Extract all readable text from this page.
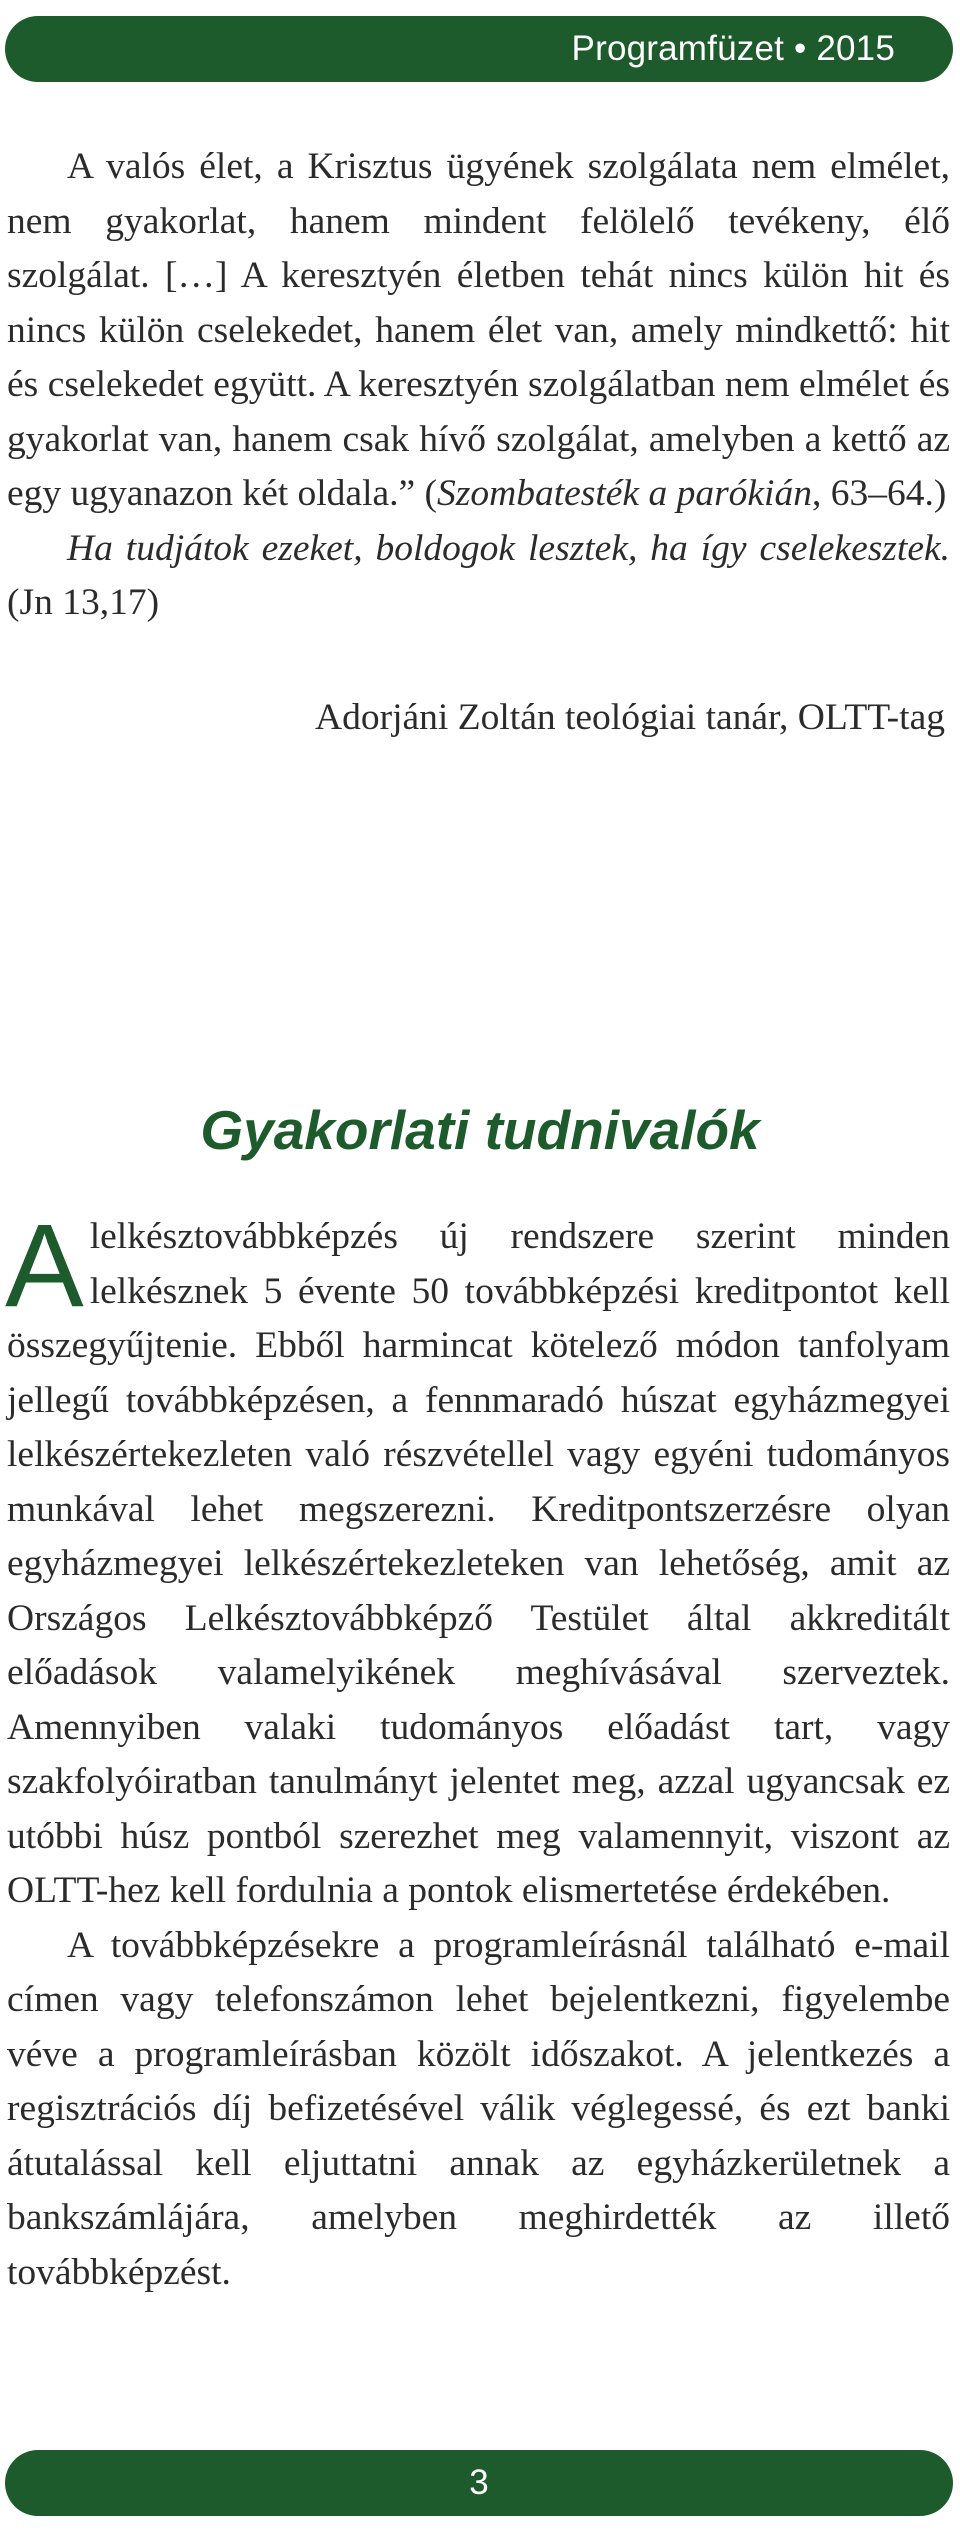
Programfüzet • 2015

A valós élet, a Krisztus ügyének szolgálata nem elmélet, nem gyakorlat, hanem mindent felölelő tevékeny, élő szolgálat. […] A keresztyén életben tehát nincs külön hit és nincs külön cselekedet, hanem élet van, amely mindkettő: hit és cselekedet együtt. A keresztyén szolgálatban nem elmélet és gyakorlat van, hanem csak hívő szolgálat, amelyben a kettő az egy ugyanazon két oldala.” (Szombatesték a parókián, 63–64.)

Ha tudjátok ezeket, boldogok lesztek, ha így cselekesztek. (Jn 13,17)

Adorjáni Zoltán teológiai tanár, OLTT-tag

Gyakorlati tudnivalók

Alelkésztovábbképzés új rendszere szerint minden lelkésznek 5 évente 50 továbbképzési kreditpontot kell összegyűjtenie. Ebből harmincat kötelező módon tanfolyam jellegű továbbképzésen, a fennmaradó húszat egyházmegyei lelkészértekezleten való részvétellel vagy egyéni tudományos munkával lehet megszerezni. Kreditpontszerzésre olyan egyházmegyei lelkészértekezleteken van lehetőség, amit az Országos Lelkésztovábbképző Testület által akkreditált előadások valamelyikének meghívásával szerveztek. Amennyiben valaki tudományos előadást tart, vagy szakfolyóiratban tanulmányt jelentet meg, azzal ugyancsak ez utóbbi húsz pontból szerezhet meg valamennyit, viszont az OLTT-hez kell fordulnia a pontok elismertetése érdekében.

A továbbképzésekre a programleírásnál található e-mail címen vagy telefonszámon lehet bejelentkezni, figyelembe véve a programleírásban közölt időszakot. A jelentkezés a regisztrációs díj befizetésével válik véglegessé, és ezt banki átutalással kell eljuttatni annak az egyházkerületnek a bankszámlájára, amelyben meghirdették az illető továbbképzést.

3
